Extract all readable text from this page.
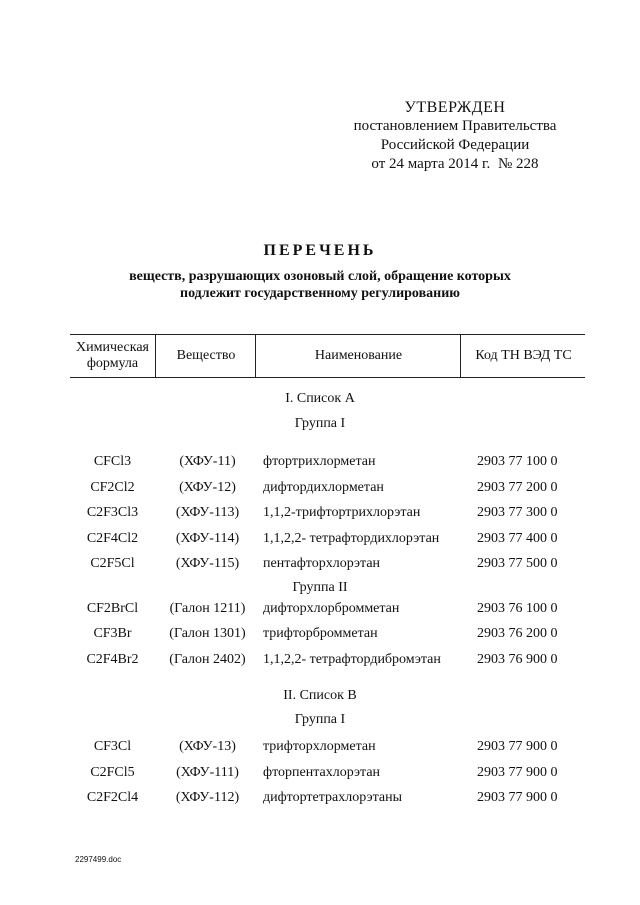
УТВЕРЖДЕН
постановлением Правительства
Российской Федерации
от 24 марта 2014 г. № 228
ПЕРЕЧЕНЬ
веществ, разрушающих озоновый слой, обращение которых
подлежит государственному регулированию
Химическая
формула
Вещество	Наименование	Код ТН ВЭД ТС
I. Список А
Группа I
CFCl3	(ХФУ-11)	фтортрихлорметан	2903 77 100 0
CF2Cl2	(ХФУ-12)	дифтордихлорметан	2903 77 200 0
C2F3Cl3	(ХФУ-113)	1,1,2-трифтортрихлорэтан	2903 77 300 0
C2F4Cl2	(ХФУ-114)	1,1,2,2- тетрафтордихлорэтан	2903 77 400 0
C2F5Cl	(ХФУ-115)	пентафторхлорэтан	2903 77 500 0
Группа II
CF2BrCl	(Галон 1211)	дифторхлорбромметан	2903 76 100 0
CF3Br	(Галон 1301)	трифторбромметан	2903 76 200 0
C2F4Br2	(Галон 2402)	1,1,2,2- тетрафтордибромэтан	2903 76 900 0
II. Список В
Группа I
CF3Cl	(ХФУ-13)	трифторхлорметан	2903 77 900 0
C2FCl5	(ХФУ-111)	фторпентахлорэтан	2903 77 900 0
C2F2Cl4	(ХФУ-112)	дифтортетрахлорэтаны	2903 77 900 0
2297499.doc
